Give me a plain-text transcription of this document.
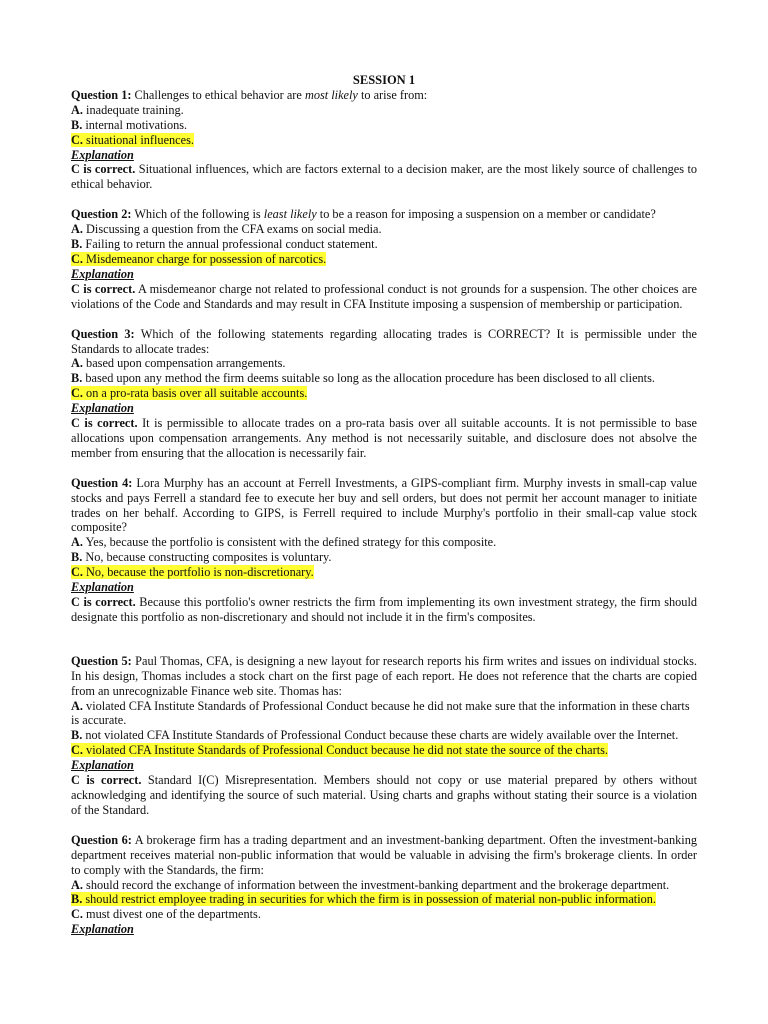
SESSION 1

Question 1: Challenges to ethical behavior are most likely to arise from:

A. inadequate training.

B. internal motivations.

C. situational influences.

Explanation

C is correct. Situational influences, which are factors external to a decision maker, are the most likely source of challenges to ethical behavior.

Question 2: Which of the following is least likely to be a reason for imposing a suspension on a member or candidate?

A. Discussing a question from the CFA exams on social media.

B. Failing to return the annual professional conduct statement.

C. Misdemeanor charge for possession of narcotics.

Explanation

C is correct. A misdemeanor charge not related to professional conduct is not grounds for a suspension. The other choices are violations of the Code and Standards and may result in CFA Institute imposing a suspension of membership or participation.

Question 3: Which of the following statements regarding allocating trades is CORRECT? It is permissible under the Standards to allocate trades:

A. based upon compensation arrangements.

B. based upon any method the firm deems suitable so long as the allocation procedure has been disclosed to all clients.

C. on a pro-rata basis over all suitable accounts.

Explanation

C is correct. It is permissible to allocate trades on a pro-rata basis over all suitable accounts. It is not permissible to base allocations upon compensation arrangements. Any method is not necessarily suitable, and disclosure does not absolve the member from ensuring that the allocation is necessarily fair.

Question 4: Lora Murphy has an account at Ferrell Investments, a GIPS-compliant firm. Murphy invests in small-cap value stocks and pays Ferrell a standard fee to execute her buy and sell orders, but does not permit her account manager to initiate trades on her behalf. According to GIPS, is Ferrell required to include Murphy's portfolio in their small-cap value stock composite?

A. Yes, because the portfolio is consistent with the defined strategy for this composite.

B. No, because constructing composites is voluntary.

C. No, because the portfolio is non-discretionary.

Explanation

C is correct. Because this portfolio's owner restricts the firm from implementing its own investment strategy, the firm should designate this portfolio as non-discretionary and should not include it in the firm's composites.

Question 5: Paul Thomas, CFA, is designing a new layout for research reports his firm writes and issues on individual stocks. In his design, Thomas includes a stock chart on the first page of each report. He does not reference that the charts are copied from an unrecognizable Finance web site. Thomas has:

A. violated CFA Institute Standards of Professional Conduct because he did not make sure that the information in these charts is accurate.

B. not violated CFA Institute Standards of Professional Conduct because these charts are widely available over the Internet.

C. violated CFA Institute Standards of Professional Conduct because he did not state the source of the charts.

Explanation

C is correct. Standard I(C) Misrepresentation. Members should not copy or use material prepared by others without acknowledging and identifying the source of such material. Using charts and graphs without stating their source is a violation of the Standard.

Question 6: A brokerage firm has a trading department and an investment-banking department. Often the investment-banking department receives material non-public information that would be valuable in advising the firm's brokerage clients. In order to comply with the Standards, the firm:

A. should record the exchange of information between the investment-banking department and the brokerage department.

B. should restrict employee trading in securities for which the firm is in possession of material non-public information.

C. must divest one of the departments.

Explanation
